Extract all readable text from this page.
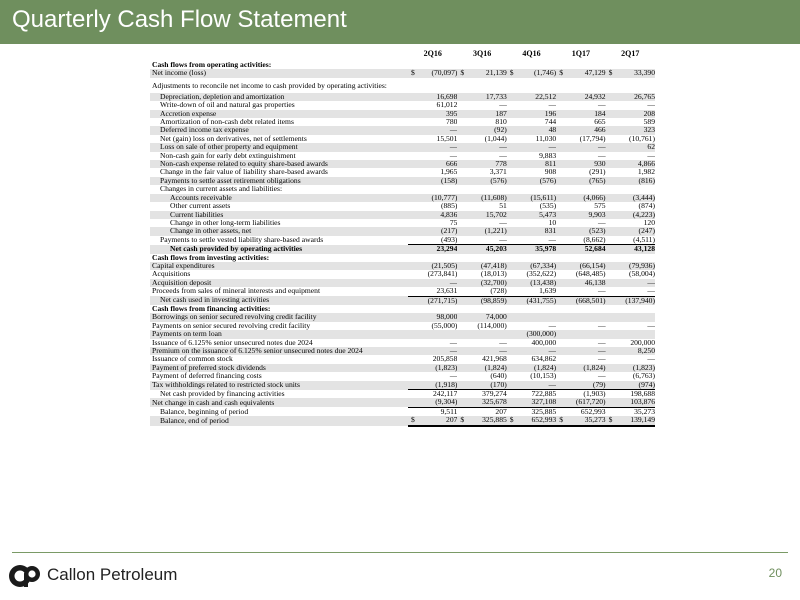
Quarterly Cash Flow Statement
	2Q16	3Q16	4Q16	1Q17	2Q17
Cash flows from operating activities:					
Net income (loss)	$ (70,097)	$ 21,139	$ (1,746)	$ 47,129	$ 33,390
Adjustments to reconcile net income to cash provided by operating activities:					
Depreciation, depletion and amortization	16,698	17,733	22,512	24,932	26,765
Write-down of oil and natural gas properties	61,012	—	—	—	—
Accretion expense	395	187	196	184	208
Amortization of non-cash debt related items	780	810	744	665	589
Deferred income tax expense	—	(92)	48	466	323
Net (gain) loss on derivatives, net of settlements	15,501	(1,044)	11,030	(17,794)	(10,761)
Loss on sale of other property and equipment	—	—	—	—	62
Non-cash gain for early debt extinguishment	—	—	9,883	—	—
Non-cash expense related to equity share-based awards	666	778	811	930	4,866
Change in the fair value of liability share-based awards	1,965	3,371	908	(291)	1,982
Payments to settle asset retirement obligations	(158)	(576)	(576)	(765)	(816)
Changes in current assets and liabilities:					
Accounts receivable	(10,777)	(11,608)	(15,611)	(4,066)	(3,444)
Other current assets	(885)	51	(535)	575	(874)
Current liabilities	4,836	15,702	5,473	9,903	(4,223)
Change in other long-term liabilities	75	—	10	—	120
Change in other assets, net	(217)	(1,221)	831	(523)	(247)
Payments to settle vested liability share-based awards	(493)	—	—	(8,662)	(4,511)
Net cash provided by operating activities	23,294	45,203	35,978	52,684	43,128
Cash flows from investing activities:					
Capital expenditures	(21,505)	(47,418)	(67,334)	(66,154)	(79,936)
Acquisitions	(273,841)	(18,013)	(352,622)	(648,485)	(58,004)
Acquisition deposit	—	(32,700)	(13,438)	46,138	—
Proceeds from sales of mineral interests and equipment	23,631	(728)	1,639	—	—
Net cash used in investing activities	(271,715)	(98,859)	(431,755)	(668,501)	(137,940)
Cash flows from financing activities:					
Borrowings on senior secured revolving credit facility	98,000	74,000			
Payments on senior secured revolving credit facility	(55,000)	(114,000)	—	—	—
Payments on term loan			(300,000)		
Issuance of 6.125% senior unsecured notes due 2024	—	—	400,000	—	200,000
Premium on the issuance of 6.125% senior unsecured notes due 2024	—	—	—	—	8,250
Issuance of common stock	205,858	421,968	634,862	—	—
Payment of preferred stock dividends	(1,823)	(1,824)	(1,824)	(1,824)	(1,823)
Payment of deferred financing costs	—	(640)	(10,153)	—	(6,763)
Tax withholdings related to restricted stock units	(1,918)	(170)	—	(79)	(974)
Net cash provided by financing activities	242,117	379,274	722,885	(1,903)	198,688
Net change in cash and cash equivalents	(9,304)	325,678	327,108	(617,720)	103,876
Balance, beginning of period	9,511	207	325,885	652,993	35,273
Balance, end of period	$ 207	$ 325,885	$ 652,993	$ 35,273	$ 139,149
Callon Petroleum	20
